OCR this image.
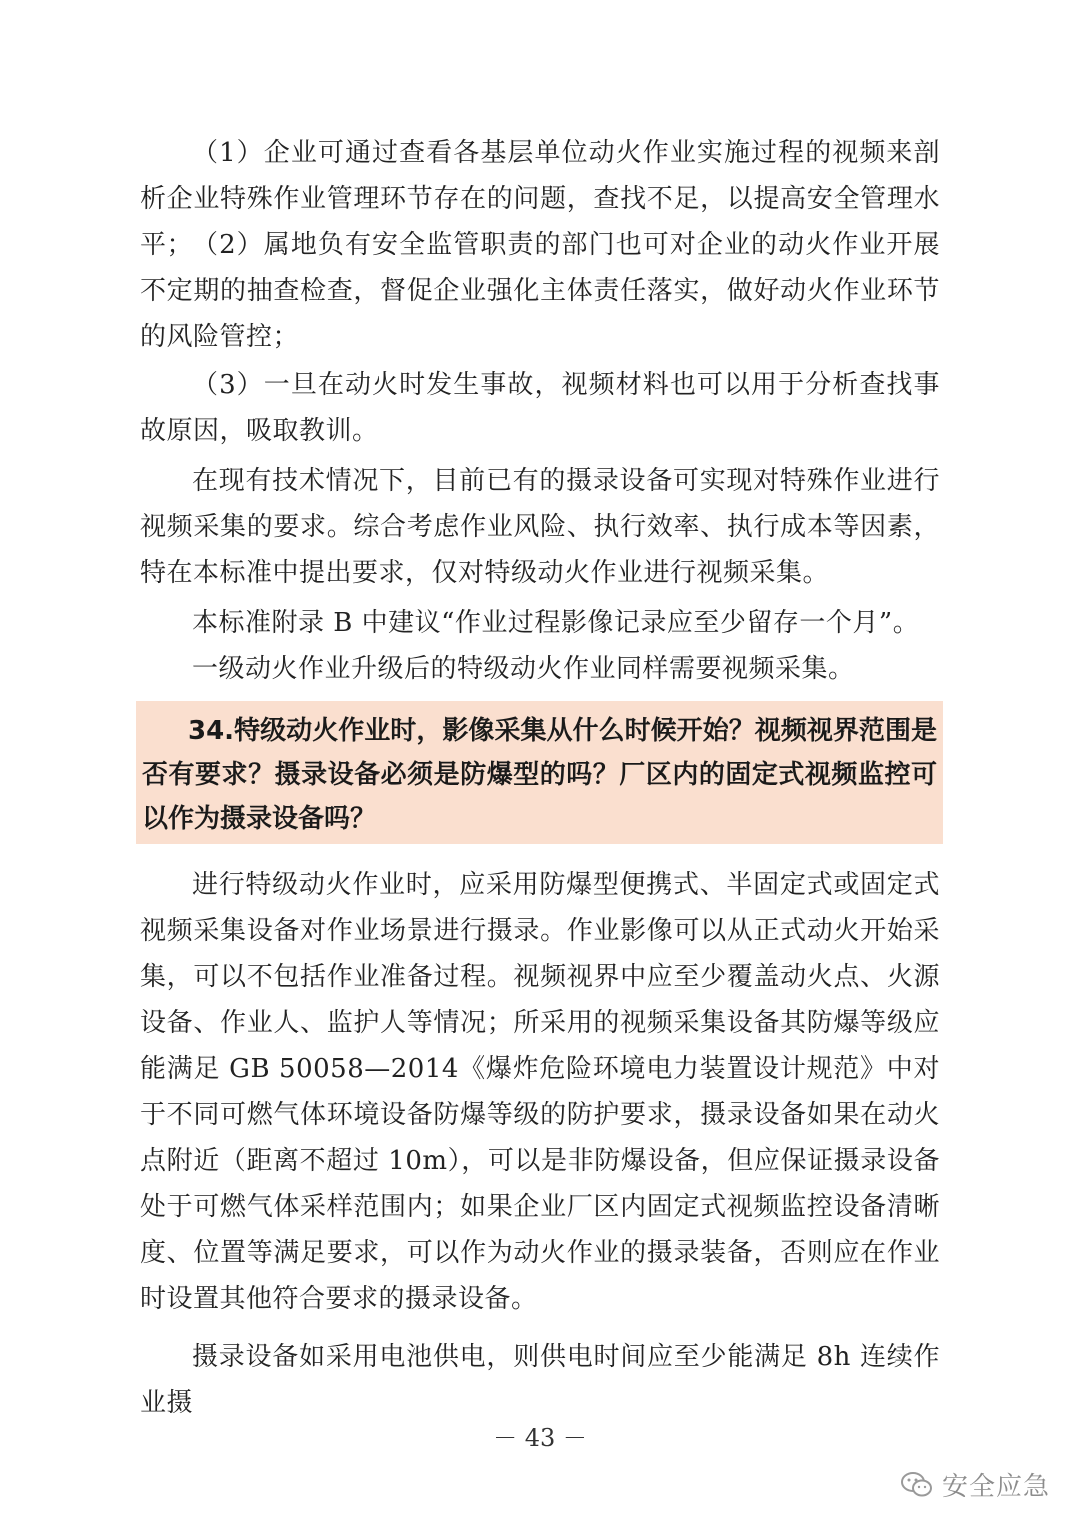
（1）企业可通过查看各基层单位动火作业实施过程的视频来剖析企业特殊作业管理环节存在的问题，查找不足，以提高安全管理水平；

（2）属地负有安全监管职责的部门也可对企业的动火作业开展不定期的抽查检查，督促企业强化主体责任落实，做好动火作业环节的风险管控；

（3）一旦在动火时发生事故，视频材料也可以用于分析查找事故原因，吸取教训。

在现有技术情况下，目前已有的摄录设备可实现对特殊作业进行视频采集的要求。综合考虑作业风险、执行效率、执行成本等因素，特在本标准中提出要求，仅对特级动火作业进行视频采集。

本标准附录 B 中建议“作业过程影像记录应至少留存一个月”。

一级动火作业升级后的特级动火作业同样需要视频采集。

34.特级动火作业时，影像采集从什么时候开始？视频视界范围是否有要求？摄录设备必须是防爆型的吗？厂区内的固定式视频监控可以作为摄录设备吗？

进行特级动火作业时，应采用防爆型便携式、半固定式或固定式视频采集设备对作业场景进行摄录。作业影像可以从正式动火开始采集，可以不包括作业准备过程。视频视界中应至少覆盖动火点、火源设备、作业人、监护人等情况；所采用的视频采集设备其防爆等级应能满足 GB 50058—2014《爆炸危险环境电力装置设计规范》中对于不同可燃气体环境设备防爆等级的防护要求，摄录设备如果在动火点附近（距离不超过 10m），可以是非防爆设备，但应保证摄录设备处于可燃气体采样范围内；如果企业厂区内固定式视频监控设备清晰度、位置等满足要求，可以作为动火作业的摄录装备，否则应在作业时设置其他符合要求的摄录设备。

摄录设备如采用电池供电，则供电时间应至少能满足 8h 连续作业摄

－ 43 －
安全应急
